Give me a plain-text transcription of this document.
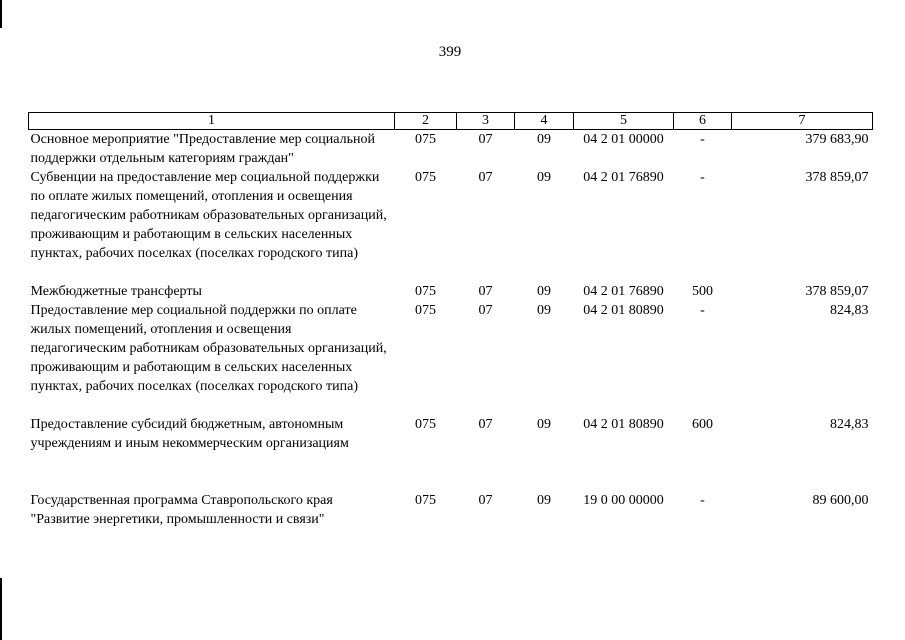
399
1	2	3	4	5	6	7
Основное мероприятие "Предоставление мер социальной поддержки отдельным категориям граждан"	075	07	09	04 2 01 00000	-	379 683,90
Субвенции на предоставление мер социальной поддержки по оплате жилых помещений, отопления и освещения педагогическим работникам образовательных организаций, проживающим и работающим в сельских населенных пунктах, рабочих поселках (поселках городского типа)	075	07	09	04 2 01 76890	-	378 859,07
Межбюджетные трансферты	075	07	09	04 2 01 76890	500	378 859,07
Предоставление мер социальной поддержки по оплате жилых помещений, отопления и освещения педагогическим работникам образовательных организаций, проживающим и работающим в сельских населенных пунктах, рабочих поселках (поселках городского типа)	075	07	09	04 2 01 80890	-	824,83
Предоставление субсидий бюджетным, автономным учреждениям и иным некоммерческим организациям	075	07	09	04 2 01 80890	600	824,83
Государственная программа Ставропольского края "Развитие энергетики, промышленности и связи"	075	07	09	19 0 00 00000	-	89 600,00
